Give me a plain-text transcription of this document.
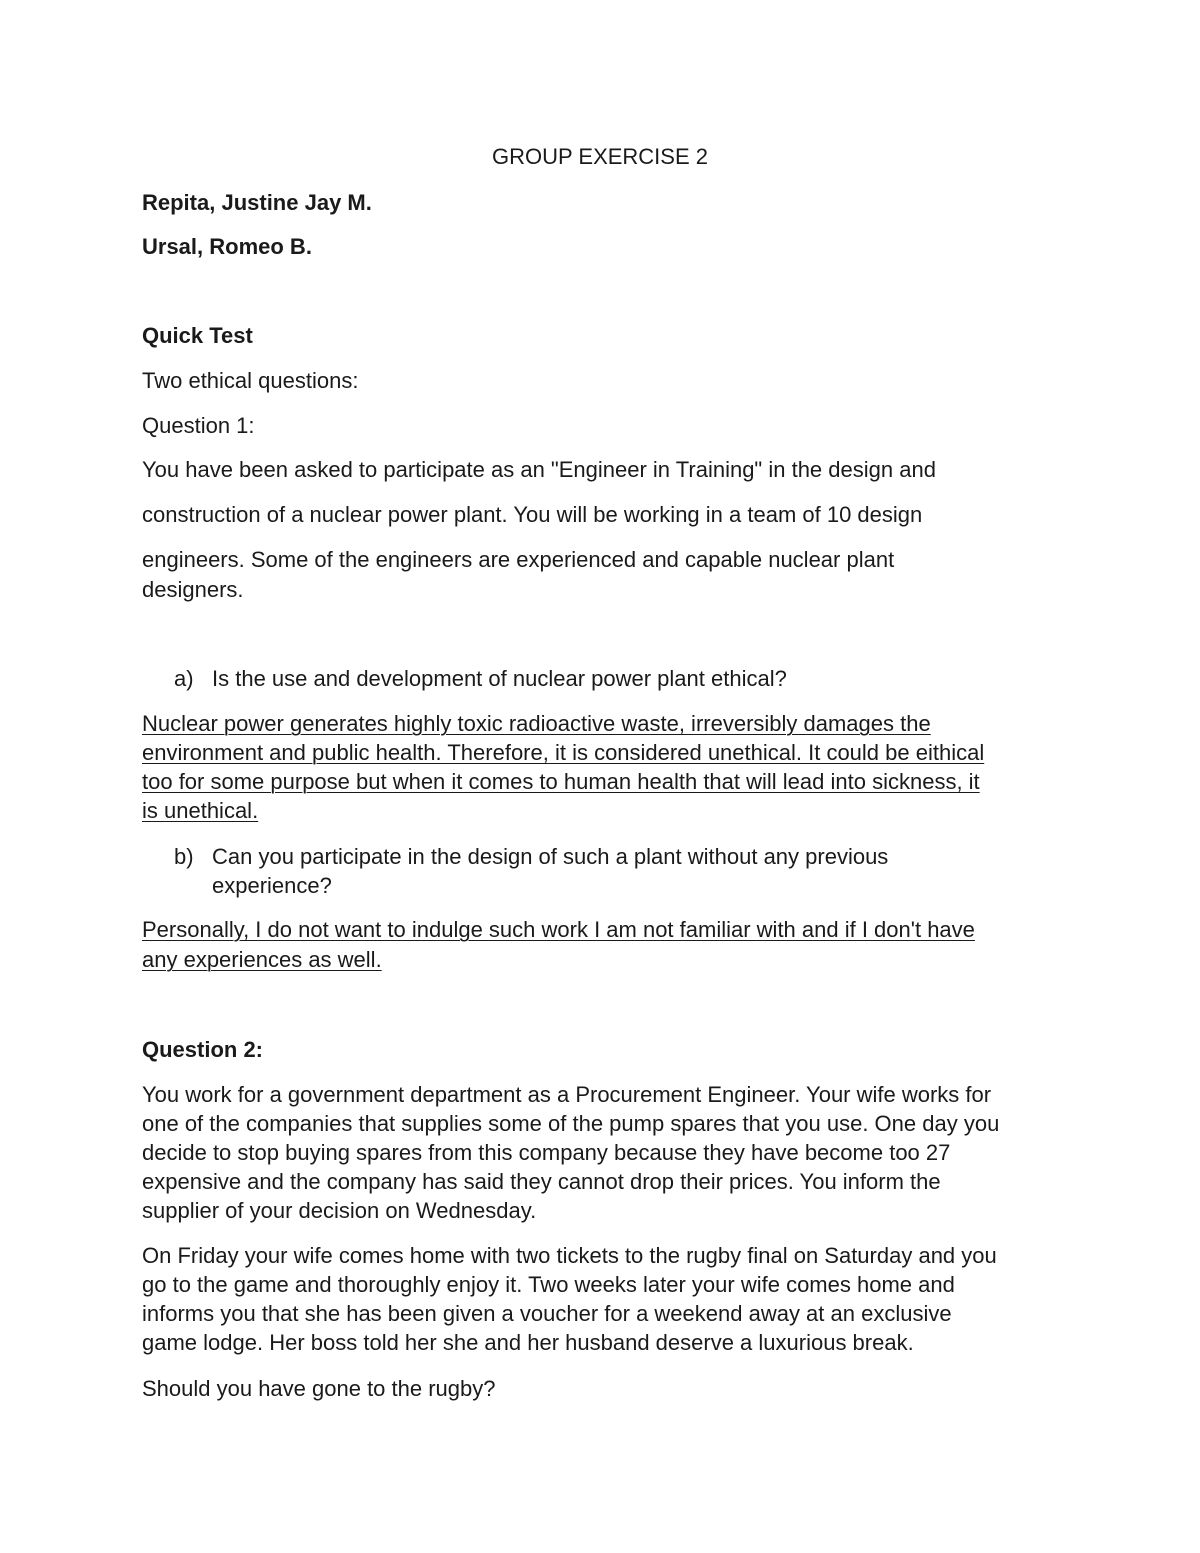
GROUP EXERCISE 2
Repita, Justine Jay M.
Ursal, Romeo B.
Quick Test
Two ethical questions:
Question 1:
You have been asked to participate as an "Engineer in Training" in the design and
construction of a nuclear power plant. You will be working in a team of 10 design
engineers. Some of the engineers are experienced and capable nuclear plant
designers.
a) Is the use and development of nuclear power plant ethical?
Nuclear power generates highly toxic radioactive waste, irreversibly damages the
environment and public health. Therefore, it is considered unethical. It could be eithical
too for some purpose but when it comes to human health that will lead into sickness, it
is unethical.
b) Can you participate in the design of such a plant without any previous
experience?
Personally, I do not want to indulge such work I am not familiar with and if I don't have
any experiences as well.
Question 2:
You work for a government department as a Procurement Engineer. Your wife works for
one of the companies that supplies some of the pump spares that you use. One day you
decide to stop buying spares from this company because they have become too 27
expensive and the company has said they cannot drop their prices. You inform the
supplier of your decision on Wednesday.
On Friday your wife comes home with two tickets to the rugby final on Saturday and you
go to the game and thoroughly enjoy it. Two weeks later your wife comes home and
informs you that she has been given a voucher for a weekend away at an exclusive
game lodge. Her boss told her she and her husband deserve a luxurious break.
Should you have gone to the rugby?
